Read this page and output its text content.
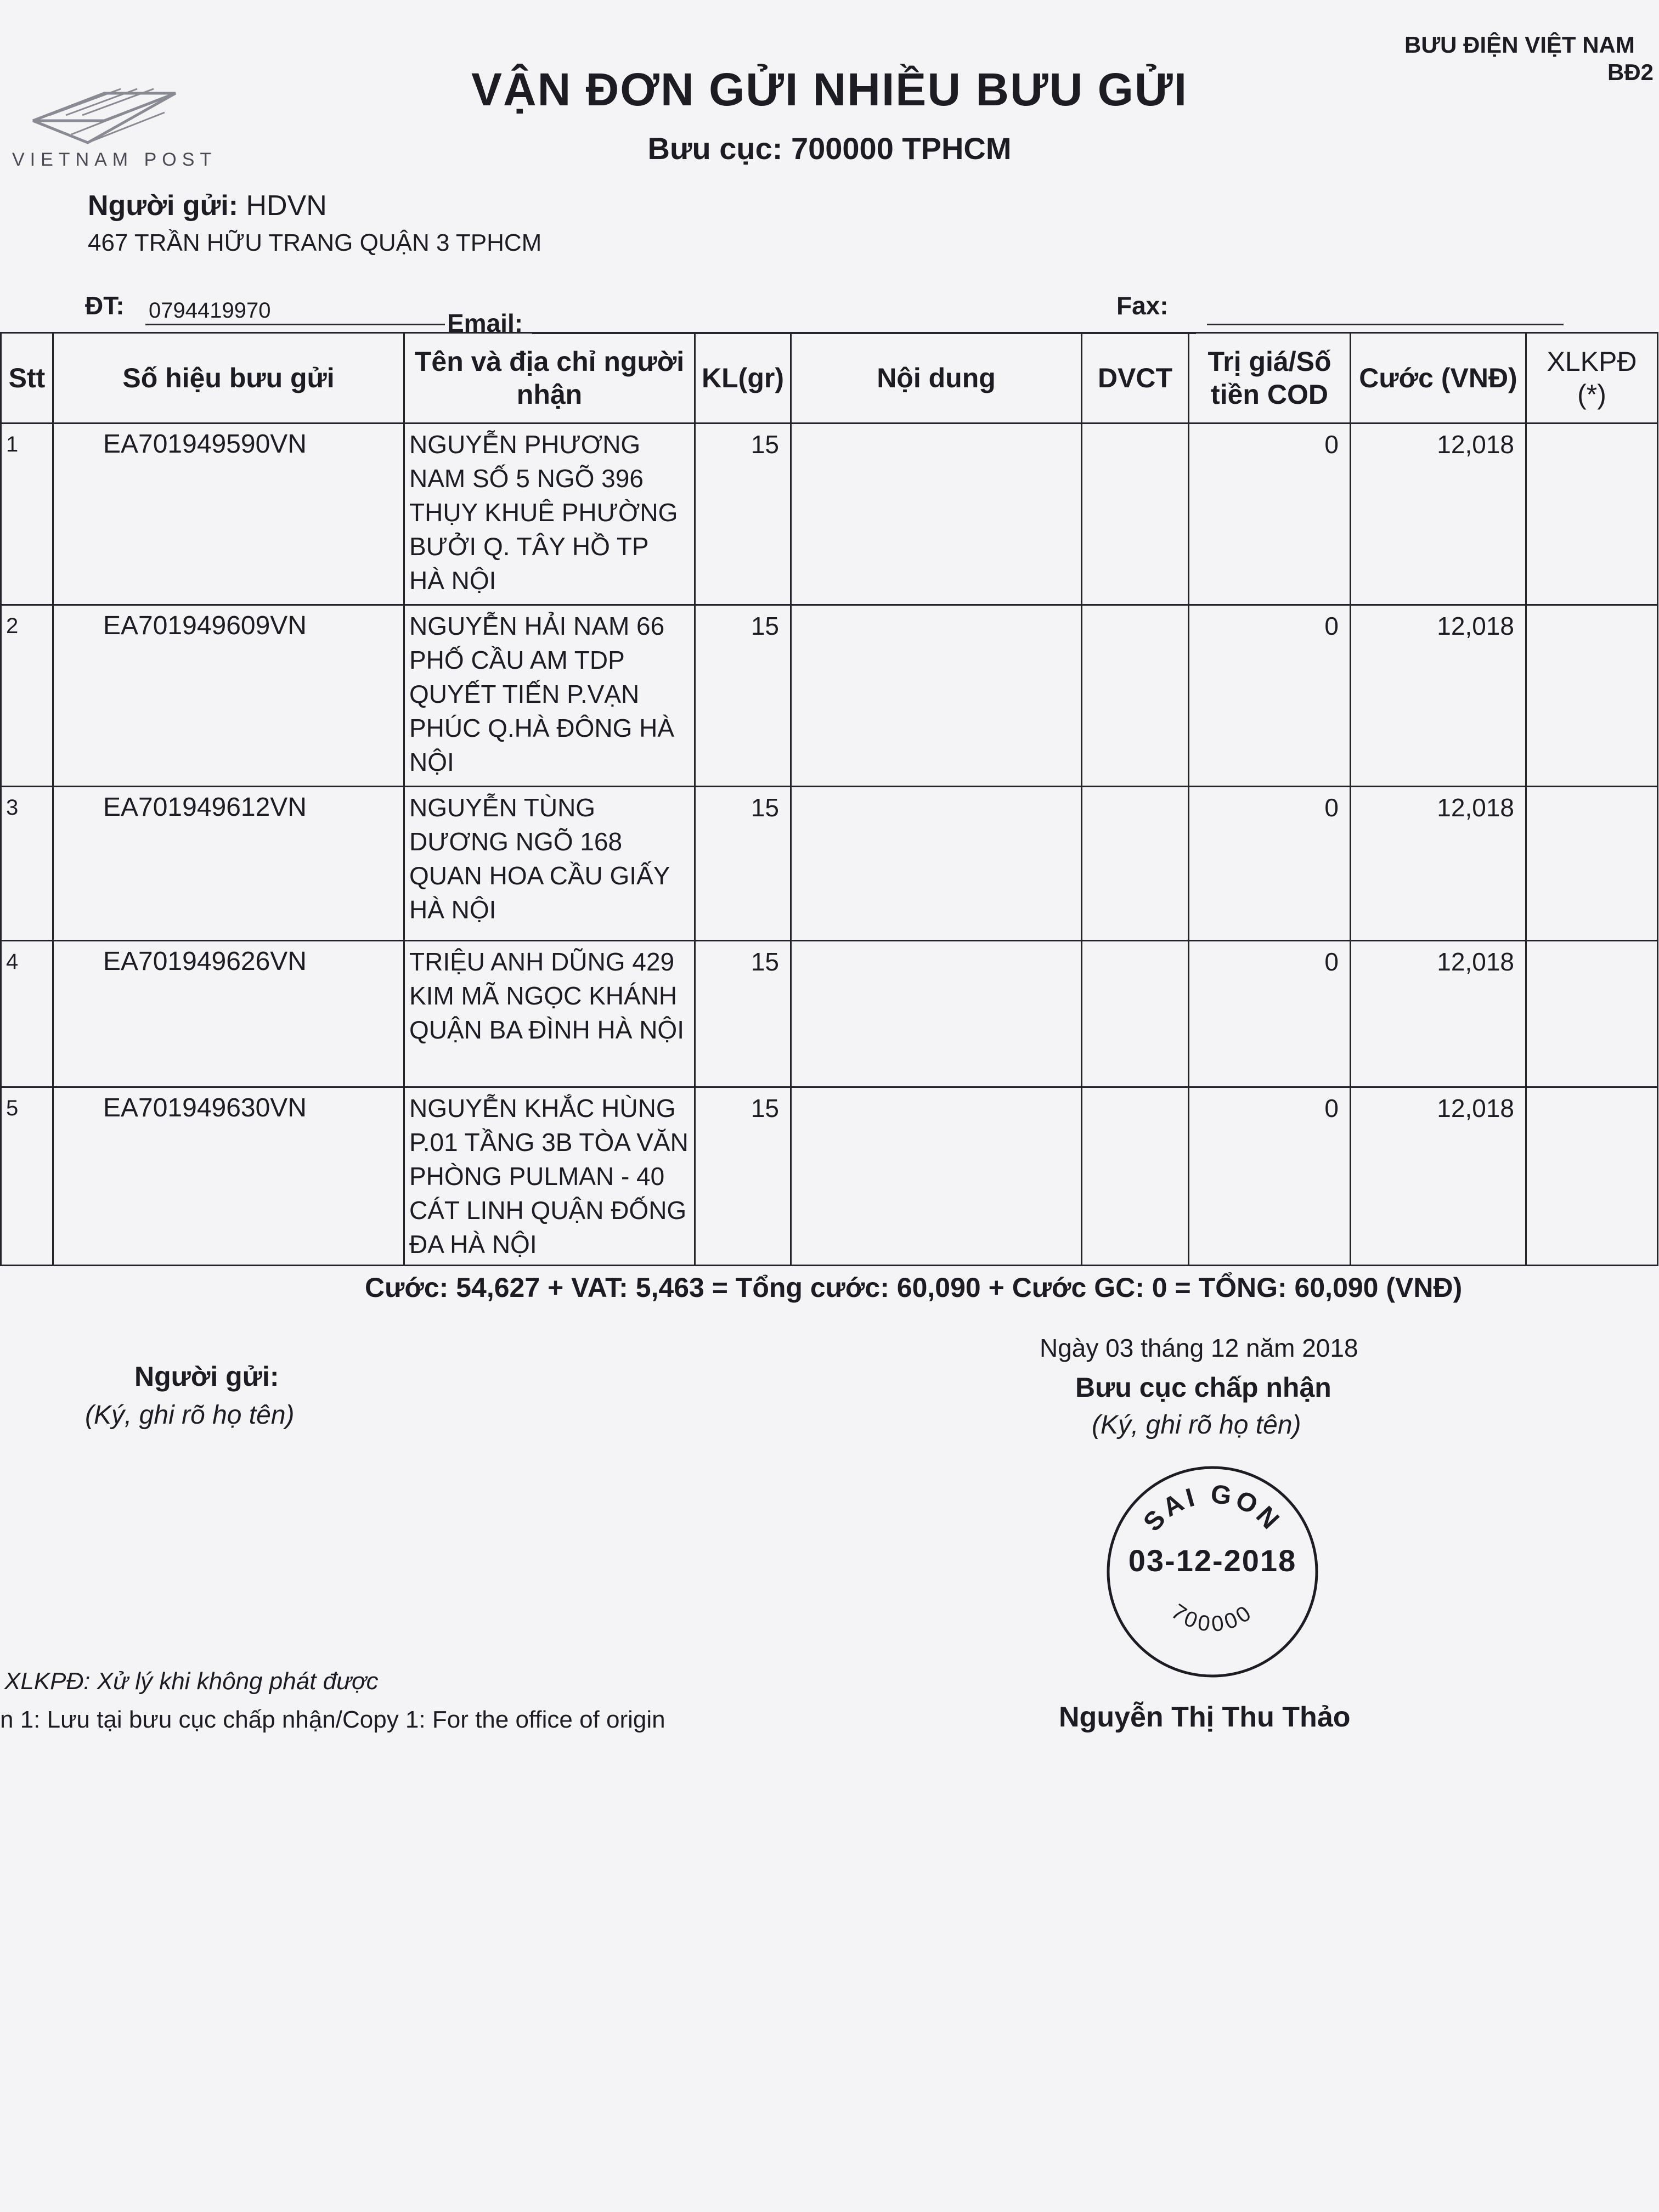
VIETNAM POST
BƯU ĐIỆN VIỆT NAM
BĐ2
VẬN ĐƠN GỬI NHIỀU BƯU GỬI
Bưu cục: 700000 TPHCM
Người gửi: HDVN
467 TRẦN HỮU TRANG QUẬN 3 TPHCM
ĐT: 0794419970	Email:
Fax:
Stt	Số hiệu bưu gửi	Tên và địa chỉ người nhận	KL(gr)	Nội dung	DVCT	Trị giá/Số tiền COD	Cước (VNĐ)	XLKPĐ (*)
1	EA701949590VN	NGUYỄN PHƯƠNG NAM SỐ 5 NGÕ 396 THỤY KHUÊ PHƯỜNG BƯỞI Q. TÂY HỒ TP HÀ NỘI	15			0	12,018	
2	EA701949609VN	NGUYỄN HẢI NAM 66 PHỐ CẦU AM TDP QUYẾT TIẾN P.VẠN PHÚC Q.HÀ ĐÔNG HÀ NỘI	15			0	12,018	
3	EA701949612VN	NGUYỄN TÙNG DƯƠNG NGÕ 168 QUAN HOA CẦU GIẤY HÀ NỘI	15			0	12,018	
4	EA701949626VN	TRIỆU ANH DŨNG 429 KIM MÃ NGỌC KHÁNH QUẬN BA ĐÌNH HÀ NỘI	15			0	12,018	
5	EA701949630VN	NGUYỄN KHẮC HÙNG P.01 TẦNG 3B TÒA VĂN PHÒNG PULMAN - 40 CÁT LINH QUẬN ĐỐNG ĐA HÀ NỘI	15			0	12,018	
Cước: 54,627 + VAT: 5,463 = Tổng cước: 60,090 + Cước GC: 0 = TỔNG: 60,090 (VNĐ)
Người gửi:
(Ký, ghi rõ họ tên)
Ngày 03 tháng 12 năm 2018
Bưu cục chấp nhận
(Ký, ghi rõ họ tên)
SAI GON
700000
03-12-2018
Nguyễn Thị Thu Thảo
XLKPĐ: Xử lý khi không phát được
n 1: Lưu tại bưu cục chấp nhận/Copy 1: For the office of origin
